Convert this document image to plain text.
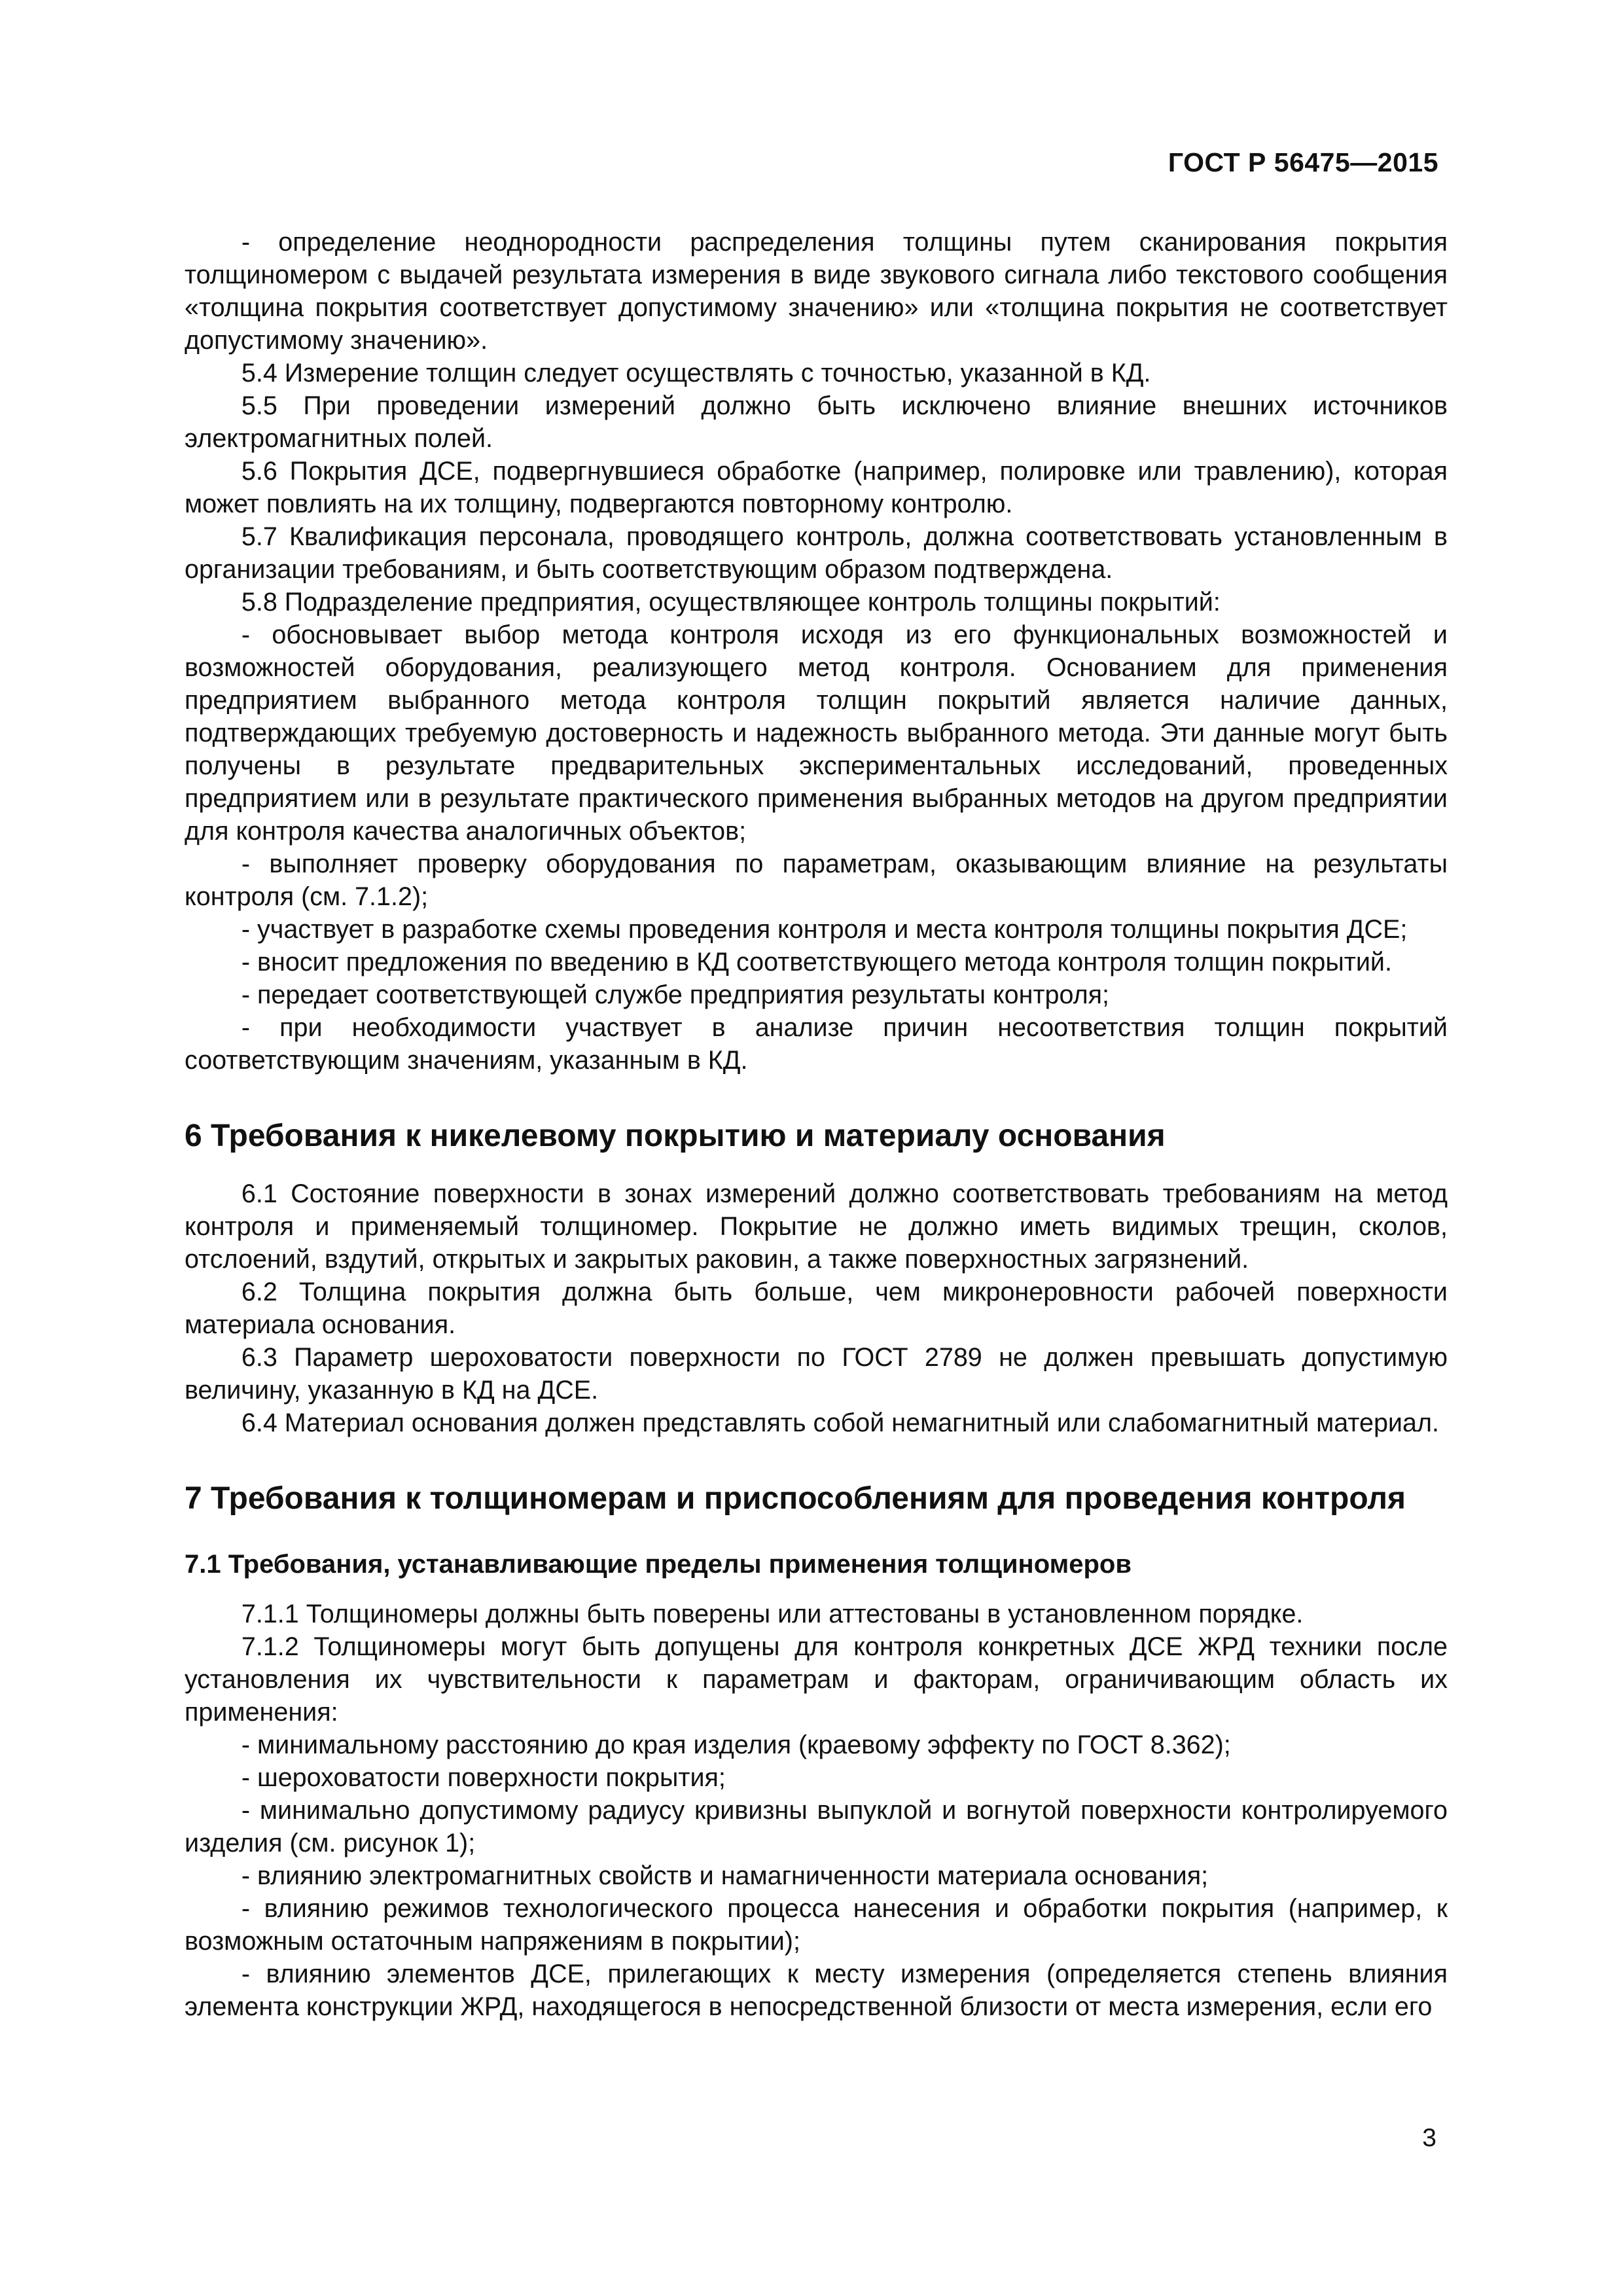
ГОСТ Р 56475—2015

- определение неоднородности распределения толщины путем сканирования покрытия толщиномером с выдачей результата измерения в виде звукового сигнала либо текстового сообщения «толщина покрытия соответствует допустимому значению» или «толщина покрытия не соответствует допустимому значению».

5.4 Измерение толщин следует осуществлять с точностью, указанной в КД.

5.5 При проведении измерений должно быть исключено влияние внешних источников электромагнитных полей.

5.6 Покрытия ДСЕ, подвергнувшиеся обработке (например, полировке или травлению), которая может повлиять на их толщину, подвергаются повторному контролю.

5.7 Квалификация персонала, проводящего контроль, должна соответствовать установленным в организации требованиям, и быть соответствующим образом подтверждена.

5.8 Подразделение предприятия, осуществляющее контроль толщины покрытий:

- обосновывает выбор метода контроля исходя из его функциональных возможностей и возможностей оборудования, реализующего метод контроля. Основанием для применения предприятием выбранного метода контроля толщин покрытий является наличие данных, подтверждающих требуемую достоверность и надежность выбранного метода. Эти данные могут быть получены в результате предварительных экспериментальных исследований, проведенных предприятием или в результате практического применения выбранных методов на другом предприятии для контроля качества аналогичных объектов;

- выполняет проверку оборудования по параметрам, оказывающим влияние на результаты контроля (см. 7.1.2);

- участвует в разработке схемы проведения контроля и места контроля толщины покрытия ДСЕ;

- вносит предложения по введению в КД соответствующего метода контроля толщин покрытий.

- передает соответствующей службе предприятия результаты контроля;

- при необходимости участвует в анализе причин несоответствия толщин покрытий соответствующим значениям, указанным в КД.

6 Требования к никелевому покрытию и материалу основания

6.1 Состояние поверхности в зонах измерений должно соответствовать требованиям на метод контроля и применяемый толщиномер. Покрытие не должно иметь видимых трещин, сколов, отслоений, вздутий, открытых и закрытых раковин, а также поверхностных загрязнений.

6.2 Толщина покрытия должна быть больше, чем микронеровности рабочей поверхности материала основания.

6.3 Параметр шероховатости поверхности по ГОСТ 2789 не должен превышать допустимую величину, указанную в КД на ДСЕ.

6.4 Материал основания должен представлять собой немагнитный или слабомагнитный материал.

7 Требования к толщиномерам и приспособлениям для проведения контроля
7.1 Требования, устанавливающие пределы применения толщиномеров

7.1.1 Толщиномеры должны быть поверены или аттестованы в установленном порядке.

7.1.2 Толщиномеры могут быть допущены для контроля конкретных ДСЕ ЖРД техники после установления их чувствительности к параметрам и факторам, ограничивающим область их применения:

- минимальному расстоянию до края изделия (краевому эффекту по ГОСТ 8.362);

- шероховатости поверхности покрытия;

- минимально допустимому радиусу кривизны выпуклой и вогнутой поверхности контролируемого изделия (см. рисунок 1);

- влиянию электромагнитных свойств и намагниченности материала основания;

- влиянию режимов технологического процесса нанесения и обработки покрытия (например, к возможным остаточным напряжениям в покрытии);

- влиянию элементов ДСЕ, прилегающих к месту измерения (определяется степень влияния элемента конструкции ЖРД, находящегося в непосредственной близости от места измерения, если его

3
